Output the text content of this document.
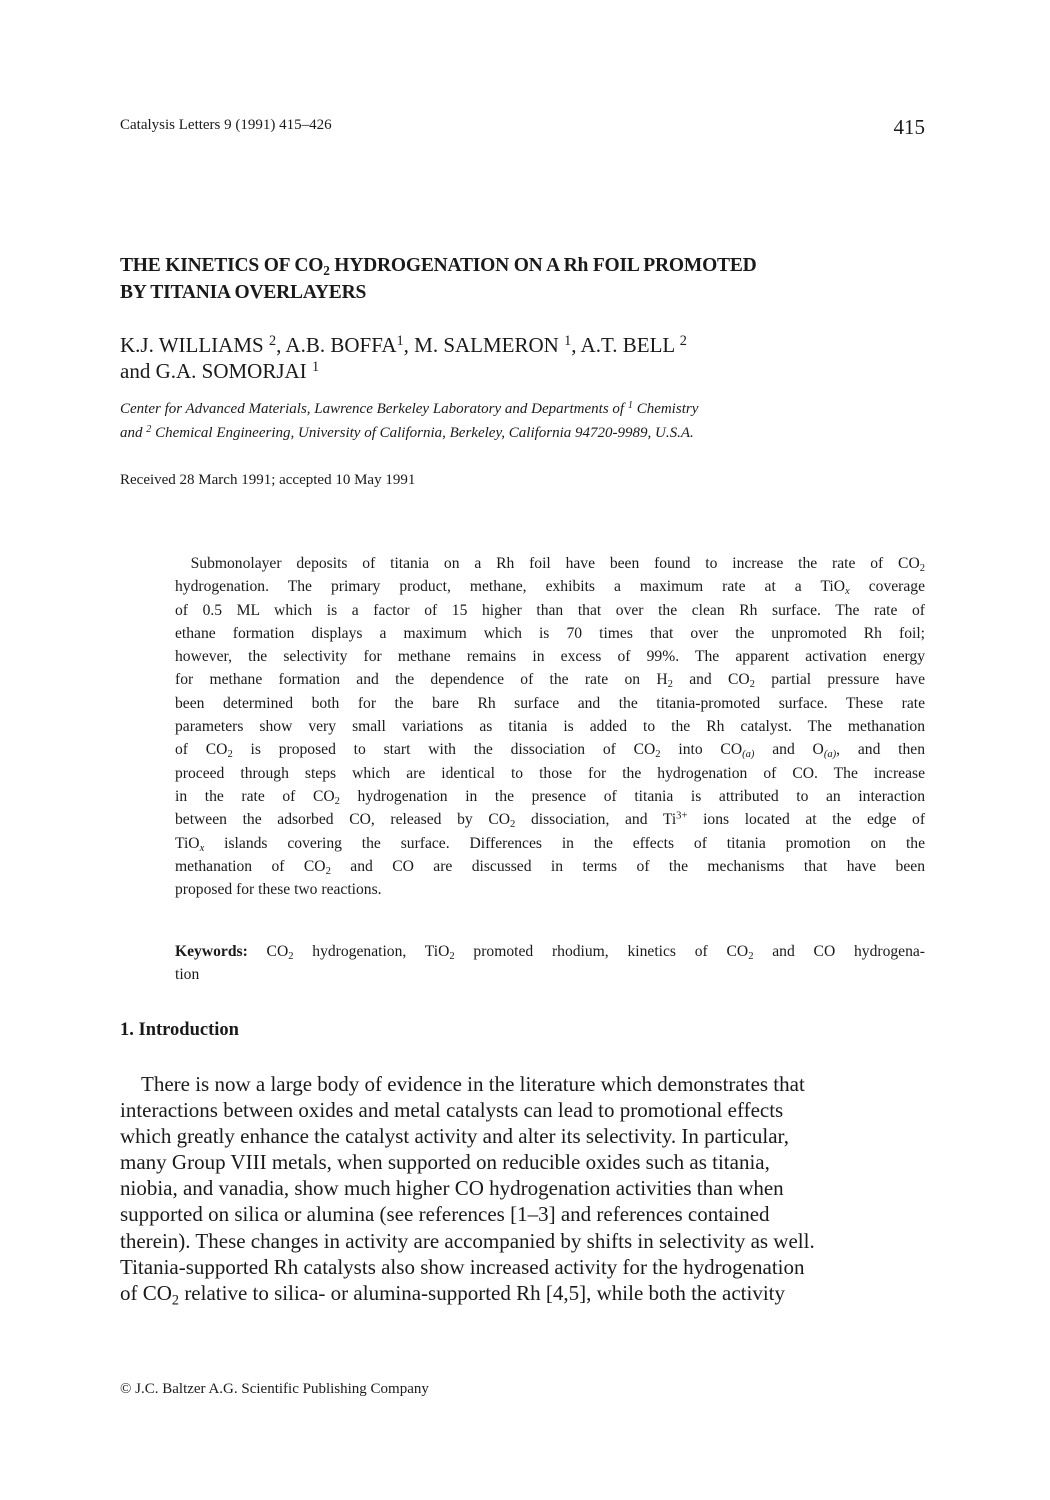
Catalysis Letters 9 (1991) 415–426	415
THE KINETICS OF $CO_2$ HYDROGENATION ON A Rh FOIL PROMOTED
BY TITANIA OVERLAYERS
K.J. WILLIAMS $^2$, A.B. BOFFA$^1$, M. SALMERON $^1$, A.T. BELL $^2$
and G.A. SOMORJAI $^1$
Center for Advanced Materials, Lawrence Berkeley Laboratory and Departments of $^1$ Chemistry
and $^2$ Chemical Engineering, University of California, Berkeley, California 94720-9989, U.S.A.
Received 28 March 1991; accepted 10 May 1991
 Submonolayer deposits of titania on a Rh foil have been found to increase the rate of $CO_2$
hydrogenation. The primary product, methane, exhibits a maximum rate at a TiO$_x$ coverage
of 0.5 ML which is a factor of 15 higher than that over the clean Rh surface. The rate of
ethane formation displays a maximum which is 70 times that over the unpromoted Rh foil;
however, the selectivity for methane remains in excess of 99%. The apparent activation energy
for methane formation and the dependence of the rate on $H_2$ and $CO_2$ partial pressure have
been determined both for the bare Rh surface and the titania-promoted surface. These rate
parameters show very small variations as titania is added to the Rh catalyst. The methanation
of $CO_2$ is proposed to start with the dissociation of $CO_2$ into $CO_{(a)}$ and $O_{(a)}$, and then
proceed through steps which are identical to those for the hydrogenation of CO. The increase
in the rate of $CO_2$ hydrogenation in the presence of titania is attributed to an interaction
between the adsorbed CO, released by $CO_2$ dissociation, and $Ti^{3+}$ ions located at the edge of
TiO$_x$ islands covering the surface. Differences in the effects of titania promotion on the
methanation of $CO_2$ and CO are discussed in terms of the mechanisms that have been
proposed for these two reactions.
Keywords: $CO_2$ hydrogenation, TiO$_2$ promoted rhodium, kinetics of $CO_2$ and CO hydrogena-
tion
1. Introduction
 There is now a large body of evidence in the literature which demonstrates that
interactions between oxides and metal catalysts can lead to promotional effects
which greatly enhance the catalyst activity and alter its selectivity. In particular,
many Group VIII metals, when supported on reducible oxides such as titania,
niobia, and vanadia, show much higher CO hydrogenation activities than when
supported on silica or alumina (see references [1–3] and references contained
therein). These changes in activity are accompanied by shifts in selectivity as well.
Titania-supported Rh catalysts also show increased activity for the hydrogenation
of $CO_2$ relative to silica- or alumina-supported Rh [4,5], while both the activity
© J.C. Baltzer A.G. Scientific Publishing Company
